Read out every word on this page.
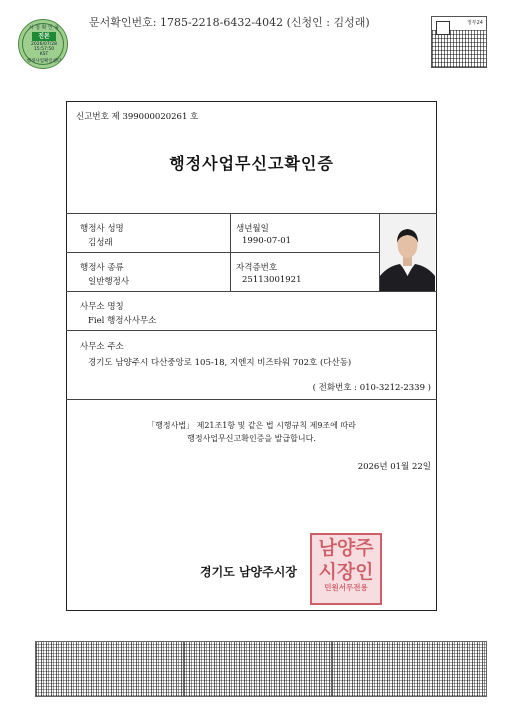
시 청 확 인 용
진본
2026/07/28
15:57:50
KST
행정사업확인센터
문서확인번호: 1785-2218-6432-4042 (신청인 : 김성래)	정부24
신고번호 제 399000020261 호
행정사업무신고확인증
행정사 성명
김성래
생년월일
1990-07-01
행정사 종류
일반행정사
자격증번호
25113001921
사무소 명칭
Fiel 행정사사무소
사무소 주소
경기도 남양주시 다산중앙로 105-18, 지엔지 비즈타워 702호 (다산동)
( 전화번호 : 010-3212-2339 )
「행정사법」 제21조1항 및 같은 법 시행규칙 제9조에 따라
행정사업무신고확인증을 발급합니다.
2026년 01월 22일
경기도 남양주시장
남양주
시장인
민원서무전용
